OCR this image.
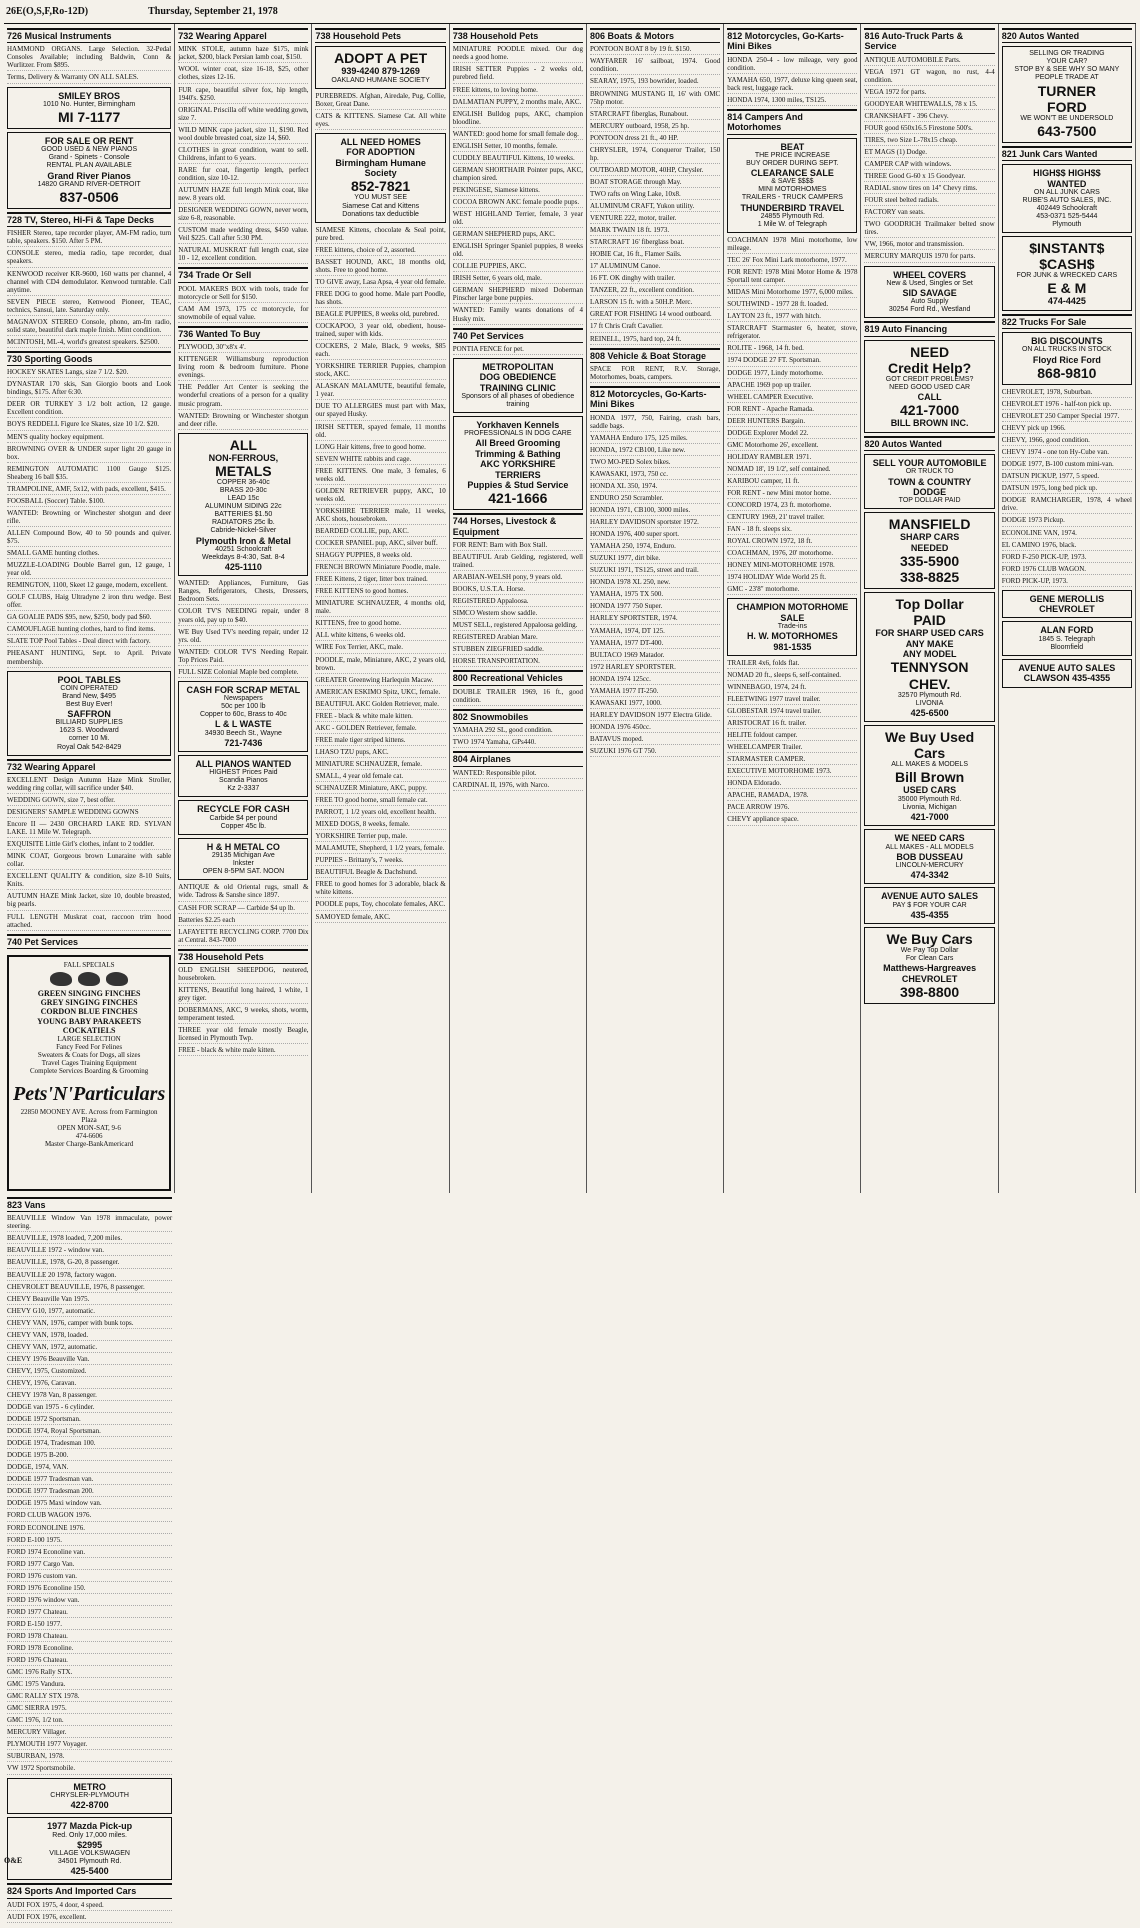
26E(O,S,F,Ro-12D)	Thursday, September 21, 1978
726 Musical Instruments

HAMMOND ORGANS. Large Selection. 32-Pedal Consoles Available; including Baldwin, Conn & Wurlitzer. From $895.

Terms, Delivery & Warranty ON ALL SALES.

SMILEY BROS
1010 No. Hunter, Birmingham
MI 7-1177
FOR SALE OR RENT
GOOD USED & NEW PIANOS
Grand - Spinets - Console
RENTAL PLAN AVAILABLE
Grand River Pianos
14820 GRAND RIVER-DETROIT
837-0506
728 TV, Stereo, Hi-Fi & Tape Decks

FISHER Stereo, tape recorder player, AM-FM radio, turn table, speakers. $150. After 5 PM.

CONSOLE stereo, media radio, tape recorder, dual speakers.

KENWOOD receiver KR-9600, 160 watts per channel, 4 channel with CD4 demodulator. Kenwood turntable. Call anytime.

SEVEN PIECE stereo, Kenwood Pioneer, TEAC, technics, Sansui, late. Saturday only.

MAGNAVOX STEREO Console, phono, am-fm radio, solid state, beautiful dark maple finish. Mint condition.

MCINTOSH, ML-4, world's greatest speakers. $2500.

730 Sporting Goods

HOCKEY SKATES Langs, size 7 1/2. $20.

DYNASTAR 170 skis, San Giorgio boots and Look bindings, $175. After 6:30.

DEER OR TURKEY 3 1/2 bolt action, 12 gauge. Excellent condition.

BOYS REDDELL Figure Ice Skates, size 10 1/2. $20.

MEN'S quality hockey equipment.

BROWNING OVER & UNDER super light 20 gauge in box.

REMINGTON AUTOMATIC 1100 Gauge $125. Sheaberg 16 ball $35.

TRAMPOLINE, AMF, 5x12, with pads, excellent, $415.

FOOSBALL (Soccer) Table. $100.

WANTED: Browning or Winchester shotgun and deer rifle.

ALLEN Compound Bow, 40 to 50 pounds and quiver. $75.

SMALL GAME hunting clothes.

MUZZLE-LOADING Double Barrel gun, 12 gauge, 1 year old.

REMINGTON, 1100, Skeet 12 gauge, modern, excellent.

GOLF CLUBS, Haig Ultradyne 2 iron thru wedge. Best offer.

GA GOALIE PADS $95, new, $250, body pad $60.

CAMOUFLAGE hunting clothes, hard to find items.

SLATE TOP Pool Tables - Deal direct with factory.

PHEASANT HUNTING, Sept. to April. Private membership.

POOL TABLES
COIN OPERATED
Brand New, $495
Best Buy Ever!
SAFFRON
BILLIARD SUPPLIES
1623 S. Woodward
corner 10 Mi.
Royal Oak 542-8429
732 Wearing Apparel

EXCELLENT Design Autumn Haze Mink Stroller, wedding ring collar, will sacrifice under $40.

WEDDING GOWN, size 7, best offer.

DESIGNERS' SAMPLE WEDDING GOWNS

Encore II — 2430 ORCHARD LAKE RD. SYLVAN LAKE. 11 Mile W. Telegraph.

EXQUISITE Little Girl's clothes, infant to 2 toddler.

MINK COAT, Gorgeous brown Lunaraine with sable collar.

EXCELLENT QUALITY & condition, size 8-10 Suits, Knits.

AUTUMN HAZE Mink Jacket, size 10, double breasted, big pearls.

FULL LENGTH Muskrat coat, raccoon trim hood attached.

740 Pet Services
FALL SPECIALS
GREEN SINGING FINCHES
GREY SINGING FINCHES
CORDON BLUE FINCHES
YOUNG BABY PARAKEETS
COCKATIELS
LARGE SELECTION
Fancy Feed For Felines
Sweaters & Coats for Dogs, all sizes
Travel Cages Training Equipment
Complete Services Boarding & Grooming
Pets'N'Particulars
22850 MOONEY AVE. Across from Farmington Plaza
OPEN MON-SAT, 9-6
474-6606
Master Charge-BankAmericard
732 Wearing Apparel

MINK STOLE, autumn haze $175, mink jacket, $200, black Persian lamb coat, $150.

WOOL winter coat, size 16-18, $25, other clothes, sizes 12-16.

FUR cape, beautiful silver fox, hip length, 1940's. $250.

ORIGINAL Priscilla off white wedding gown, size 7.

WILD MINK cape jacket, size 11, $190. Red wool double breasted coat, size 14, $60.

CLOTHES in great condition, want to sell. Childrens, infant to 6 years.

RARE fur coat, fingertip length, perfect condition, size 10-12.

AUTUMN HAZE full length Mink coat, like new. 8 years old.

DESIGNER WEDDING GOWN, never worn, size 6-8, reasonable.

CUSTOM made wedding dress, $450 value. Veil $225. Call after 5:30 PM.

NATURAL MUSKRAT full length coat, size 10 - 12, excellent condition.

734 Trade Or Sell

POOL MAKERS BOX with tools, trade for motorcycle or Sell for $150.

CAM AM 1973, 175 cc motorcycle, for snowmobile of equal value.

736 Wanted To Buy

PLYWOOD, 30"x8'x 4'.

KITTENGER Williamsburg reproduction living room & bedroom furniture. Phone evenings.

THE Peddler Art Center is seeking the wonderful creations of a person for a quality music program.

WANTED: Browning or Winchester shotgun and deer rifle.

ALL
NON-FERROUS,
METALS
COPPER 36-40c
BRASS 20-30c
LEAD 15c
ALUMINUM SIDING 22c
BATTERIES $1.50
RADIATORS 25c lb.
Cabride-Nickel-Silver
Plymouth Iron & Metal
40251 Schoolcraft
Weekdays 8-4:30, Sat. 8-4
425-1110

WANTED: Appliances, Furniture, Gas Ranges, Refrigerators, Chests, Dressers, Bedroom Sets.

COLOR TV'S NEEDING repair, under 8 years old, pay up to $40.

WE Buy Used TV's needing repair, under 12 yrs. old.

WANTED: COLOR TV'S Needing Repair. Top Prices Paid.

FULL SIZE Colonial Maple bed complete.

CASH FOR SCRAP METAL
Newspapers
50c per 100 lb
Copper to 60c, Brass to 40c
L & L WASTE
34930 Beech St., Wayne
721-7436
ALL PIANOS WANTED
HIGHEST Prices Paid
Scandia Pianos
Kz 2-3337
RECYCLE FOR CASH
Carbide $4 per pound
Copper 45c lb.
H & H METAL CO
29135 Michigan Ave
Inkster
OPEN 8-5PM SAT. NOON

ANTIQUE & old Oriental rugs, small & wide. Tadross & Sanshe since 1897.

CASH FOR SCRAP — Carbide $4 up lb.

Batteries $2.25 each

LAFAYETTE RECYCLING CORP. 7700 Dix at Central. 843-7000

738 Household Pets

OLD ENGLISH SHEEPDOG, neutered, housebroken.

KITTENS, Beautiful long haired, 1 white, 1 grey tiger.

DOBERMANS, AKC, 9 weeks, shots, worm, temperament tested.

THREE year old female mostly Beagle, licensed in Plymouth Twp.

FREE - black & white male kitten.

738 Household Pets
ADOPT A PET
939-4240 879-1269
OAKLAND HUMANE SOCIETY

PUREBREDS. Afghan, Airedale, Pug, Collie, Boxer, Great Dane.

CATS & KITTENS. Siamese Cat. All white eyes.

ALL NEED HOMES
FOR ADOPTION
Birmingham Humane Society
852-7821
YOU MUST SEE
Siamese Cat and Kittens
Donations tax deductible

SIAMESE Kittens, chocolate & Seal point, pure bred.

FREE kittens, choice of 2, assorted.

BASSET HOUND, AKC, 18 months old, shots. Free to good home.

TO GIVE away, Lasa Apsa, 4 year old female.

FREE DOG to good home. Male part Poodle, has shots.

BEAGLE PUPPIES, 8 weeks old, purebred.

COCKAPOO, 3 year old, obedient, house-trained, super with kids.

COCKERS, 2 Male, Black, 9 weeks, $85 each.

YORKSHIRE TERRIER Puppies, champion stock, AKC.

ALASKAN MALAMUTE, beautiful female, 1 year.

DUE TO ALLERGIES must part with Max, our spayed Husky.

IRISH SETTER, spayed female, 11 months old.

LONG Hair kittens, free to good home.

SEVEN WHITE rabbits and cage.

FREE KITTENS. One male, 3 females, 6 weeks old.

GOLDEN RETRIEVER puppy, AKC, 10 weeks old.

YORKSHIRE TERRIER male, 11 weeks, AKC shots, housebroken.

BEARDED COLLIE, pup, AKC.

COCKER SPANIEL pup, AKC, silver buff.

SHAGGY PUPPIES, 8 weeks old.

FRENCH BROWN Miniature Poodle, male.

FREE Kittens, 2 tiger, litter box trained.

FREE KITTENS to good homes.

MINIATURE SCHNAUZER, 4 months old, male.

KITTENS, free to good home.

ALL white kittens, 6 weeks old.

WIRE Fox Terrier, AKC, male.

POODLE, male, Miniature, AKC, 2 years old, brown.

GREATER Greenwing Harlequin Macaw.

AMERICAN ESKIMO Spitz, UKC, female.

BEAUTIFUL AKC Golden Retriever, male.

FREE - black & white male kitten.

AKC - GOLDEN Retriever, female.

FREE male tiger striped kittens.

LHASO TZU pups, AKC.

MINIATURE SCHNAUZER, female.

SMALL, 4 year old female cat.

SCHNAUZER Miniature, AKC, puppy.

FREE TO good home, small female cat.

PARROT, 1 1/2 years old, excellent health.

MIXED DOGS, 8 weeks, female.

YORKSHIRE Terrier pup, male.

MALAMUTE, Shepherd, 1 1/2 years, female.

PUPPIES - Brittany's, 7 weeks.

BEAUTIFUL Beagle & Dachshund.

FREE to good homes for 3 adorable, black & white kittens.

POODLE pups, Toy, chocolate females, AKC.

SAMOYED female, AKC.

738 Household Pets

MINIATURE POODLE mixed. Our dog needs a good home.

IRISH SETTER Puppies - 2 weeks old, purebred field.

FREE kittens, to loving home.

DALMATIAN PUPPY, 2 months male, AKC.

ENGLISH Bulldog pups, AKC, champion bloodline.

WANTED: good home for small female dog.

ENGLISH Setter, 10 months, female.

CUDDLY BEAUTIFUL Kittens, 10 weeks.

GERMAN SHORTHAIR Pointer pups, AKC, champion sired.

PEKINGESE, Siamese kittens.

COCOA BROWN AKC female poodle pups.

WEST HIGHLAND Terrier, female, 3 year old.

GERMAN SHEPHERD pups, AKC.

ENGLISH Springer Spaniel puppies, 8 weeks old.

COLLIE PUPPIES, AKC.

IRISH Setter, 6 years old, male.

GERMAN SHEPHERD mixed Doberman Pinscher large bone puppies.

WANTED: Family wants donations of 4 Husky mix.

740 Pet Services

PONTIA FENCE for pet.

METROPOLITAN
DOG OBEDIENCE
TRAINING CLINIC
Sponsors of all phases of obedience training
Yorkhaven Kennels
PROFESSIONALS IN DOG CARE
All Breed Grooming
Trimming & Bathing
AKC YORKSHIRE TERRIERS
Puppies & Stud Service
421-1666
744 Horses, Livestock & Equipment

FOR RENT: Barn with Box Stall.

BEAUTIFUL Arab Gelding, registered, well trained.

ARABIAN-WELSH pony, 9 years old.

BOOKS, U.S.T.A. Horse.

REGISTERED Appaloosa.

SIMCO Western show saddle.

MUST SELL, registered Appaloosa gelding.

REGISTERED Arabian Mare.

STUBBEN ZIEGFRIED saddle.

HORSE TRANSPORTATION.

800 Recreational Vehicles

DOUBLE TRAILER 1969, 16 ft., good condition.

802 Snowmobiles

YAMAHA 292 SL, good condition.

TWO 1974 Yamaha, GPs440.

804 Airplanes

WANTED: Responsible pilot.

CARDINAL II, 1976, with Narco.

806 Boats & Motors

PONTOON BOAT 8 by 19 ft. $150.

WAYFARER 16' sailboat, 1974. Good condition.

SEARAY, 1975, 193 bowrider, loaded.

BROWNING MUSTANG II, 16' with OMC 75hp motor.

STARCRAFT fiberglas, Runabout.

MERCURY outboard, 1958, 25 hp.

PONTOON dress 21 ft., 40 HP.

CHRYSLER, 1974, Conqueror Trailer, 150 hp.

OUTBOARD MOTOR, 40HP, Chrysler.

BOAT STORAGE through May.

TWO rafts on Wing Lake, 10x8.

ALUMINUM CRAFT, Yukon utility.

VENTURE 222, motor, trailer.

MARK TWAIN 18 ft. 1973.

STARCRAFT 16' fiberglass boat.

HOBIE Cat, 16 ft., Flamer Sails.

17' ALUMINUM Canoe.

16 FT. OK dinghy with trailer.

TANZER, 22 ft., excellent condition.

LARSON 15 ft. with a 50H.P. Merc.

GREAT FOR FISHING 14 wood outboard.

17 ft Chris Craft Cavalier.

REINELL, 1975, hard top, 24 ft.

808 Vehicle & Boat Storage

SPACE FOR RENT, R.V. Storage, Motorhomes, boats, campers.

812 Motorcycles, Go-Karts-Mini Bikes

HONDA 1977, 750, Fairing, crash bars, saddle bags.

YAMAHA Enduro 175, 125 miles.

HONDA, 1972 CB100, Like new.

TWO MO-PED Solex bikes.

KAWASAKI, 1973, 750 cc.

HONDA XL 350, 1974.

ENDURO 250 Scrambler.

HONDA 1971, CB100, 3000 miles.

HARLEY DAVIDSON sportster 1972.

HONDA 1976, 400 super sport.

YAMAHA 250, 1974, Enduro.

SUZUKI 1977, dirt bike.

SUZUKI 1971, TS125, street and trail.

HONDA 1978 XL 250, new.

YAMAHA, 1975 TX 500.

HONDA 1977 750 Super.

HARLEY SPORTSTER, 1974.

YAMAHA, 1974, DT 125.

YAMAHA, 1977 DT-400.

BULTACO 1969 Matador.

1972 HARLEY SPORTSTER.

HONDA 1974 125cc.

YAMAHA 1977 IT-250.

KAWASAKI 1977, 1000.

HARLEY DAVIDSON 1977 Electra Glide.

HONDA 1976 450cc.

BATAVUS moped.

SUZUKI 1976 GT 750.

812 Motorcycles, Go-Karts-Mini Bikes

HONDA 250-4 - low mileage, very good condition.

YAMAHA 650, 1977, deluxe king queen seat, back rest, luggage rack.

HONDA 1974, 1300 miles, TS125.

814 Campers And Motorhomes
BEAT
THE PRICE INCREASE
BUY ORDER DURING SEPT.
CLEARANCE SALE
& SAVE $$$$
MINI MOTORHOMES
TRAILERS - TRUCK CAMPERS
THUNDERBIRD TRAVEL
24855 Plymouth Rd.
1 Mile W. of Telegraph

COACHMAN 1978 Mini motorhome, low mileage.

TEC 26' Fox Mini Lark motorhome, 1977.

FOR RENT: 1978 Mini Motor Home & 1978 Sportall tent camper.

MIDAS Mini Motorhome 1977, 6,000 miles.

SOUTHWIND - 1977 28 ft. loaded.

LAYTON 23 ft., 1977 with hitch.

STARCRAFT Starmaster 6, heater, stove, refrigerator.

ROLITE - 1968, 14 ft. bed.

1974 DODGE 27 FT. Sportsman.

DODGE 1977, Lindy motorhome.

APACHE 1969 pop up trailer.

WHEEL CAMPER Executive.

FOR RENT - Apache Ramada.

DEER HUNTERS Bargain.

DODGE Explorer Model 22.

GMC Motorhome 26', excellent.

HOLIDAY RAMBLER 1971.

NOMAD 18', 19 1/2', self contained.

KARIBOU camper, 11 ft.

FOR RENT - new Mini motor home.

CONCORD 1974, 23 ft. motorhome.

CENTURY 1969, 21' travel trailer.

FAN - 18 ft. sleeps six.

ROYAL CROWN 1972, 18 ft.

COACHMAN, 1976, 20' motorhome.

HONEY MINI-MOTORHOME 1978.

1974 HOLIDAY Wide World 25 ft.

GMC - 23'8" motorhome.

CHAMPION MOTORHOME SALE
Trade-ins
H. W. MOTORHOMES
981-1535

TRAILER 4x6, folds flat.

NOMAD 20 ft., sleeps 6, self-contained.

WINNEBAGO, 1974, 24 ft.

FLEETWING 1977 travel trailer.

GLOBESTAR 1974 travel trailer.

ARISTOCRAT 16 ft. trailer.

HELITE foldout camper.

WHEELCAMPER Trailer.

STARMASTER CAMPER.

EXECUTIVE MOTORHOME 1973.

HONDA Eldorado.

APACHE, RAMADA, 1978.

PACE ARROW 1976.

CHEVY appliance space.

816 Auto-Truck Parts & Service

ANTIQUE AUTOMOBILE Parts.

VEGA 1971 GT wagon, no rust, 4-4 condition.

VEGA 1972 for parts.

GOODYEAR WHITEWALLS, 78 x 15.

CRANKSHAFT - 396 Chevy.

FOUR good 650x16.5 Firestone 500's.

TIRES, two Size L-78x15 cheap.

ET MAGS (1) Dodge.

CAMPER CAP with windows.

THREE Good G-60 x 15 Goodyear.

RADIAL snow tires on 14" Chevy rims.

FOUR steel belted radials.

FACTORY van seats.

TWO GOODRICH Trailmaker belted snow tires.

VW, 1966, motor and transmission.

MERCURY MARQUIS 1970 for parts.

WHEEL COVERS
New & Used, Singles or Set
SID SAVAGE
Auto Supply
30254 Ford Rd., Westland
819 Auto Financing
NEED
Credit Help?
GOT CREDIT PROBLEMS?
NEED GOOD USED CAR
CALL
421-7000
BILL BROWN INC.
820 Autos Wanted
SELL YOUR AUTOMOBILE
OR TRUCK TO
TOWN & COUNTRY
DODGE
TOP DOLLAR PAID
MANSFIELD
SHARP CARS
NEEDED
335-5900
338-8825
Top Dollar
PAID
FOR SHARP USED CARS
ANY MAKE
ANY MODEL
TENNYSON
CHEV.
32570 Plymouth Rd.
LIVONIA
425-6500
We Buy Used
Cars
ALL MAKES & MODELS
Bill Brown
USED CARS
35000 Plymouth Rd.
Livonia, Michigan
421-7000
WE NEED CARS
ALL MAKES - ALL MODELS
BOB DUSSEAU
LINCOLN-MERCURY
474-3342
AVENUE AUTO SALES
PAY $ FOR YOUR CAR
435-4355
We Buy Cars
We Pay Top Dollar
For Clean Cars
Matthews-Hargreaves
CHEVROLET
398-8800
820 Autos Wanted
SELLING OR TRADING
YOUR CAR?
STOP BY & SEE WHY SO MANY PEOPLE TRADE AT
TURNER
FORD
WE WON'T BE UNDERSOLD
643-7500
821 Junk Cars Wanted
HIGH$$ HIGH$$
WANTED
ON ALL JUNK CARS
RUBE'S AUTO SALES, INC.
402449 Schoolcraft
453-0371 525-5444
Plymouth
$INSTANT$
$CASH$
FOR JUNK & WRECKED CARS
E & M
474-4425
822 Trucks For Sale
BIG DISCOUNTS
ON ALL TRUCKS IN STOCK
Floyd Rice Ford
868-9810

CHEVROLET, 1978, Suburban.

CHEVROLET 1976 - half-ton pick up.

CHEVROLET 250 Camper Special 1977.

CHEVY pick up 1966.

CHEVY, 1966, good condition.

CHEVY 1974 - one ton Hy-Cube van.

DODGE 1977, B-100 custom mini-van.

DATSUN PICKUP, 1977, 5 speed.

DATSUN 1975, long bed pick up.

DODGE RAMCHARGER, 1978, 4 wheel drive.

DODGE 1973 Pickup.

ECONOLINE VAN, 1974.

EL CAMINO 1976, black.

FORD F-250 PICK-UP, 1973.

FORD 1976 CLUB WAGON.

FORD PICK-UP, 1973.

GENE MEROLLIS
CHEVROLET
ALAN FORD
1845 S. Telegraph
Bloomfield
AVENUE AUTO SALES
CLAWSON 435-4355
823 Vans

BEAUVILLE Window Van 1978 immaculate, power steering.

BEAUVILLE, 1978 loaded, 7,200 miles.

BEAUVILLE 1972 - window van.

BEAUVILLE, 1978, G-20, 8 passenger.

BEAUVILLE 20 1978, factory wagon.

CHEVROLET BEAUVILLE, 1976, 8 passenger.

CHEVY Beauville Van 1975.

CHEVY G10, 1977, automatic.

CHEVY VAN, 1976, camper with bunk tops.

CHEVY VAN, 1978, loaded.

CHEVY VAN, 1972, automatic.

CHEVY 1976 Beauville Van.

CHEVY, 1975, Customized.

CHEVY, 1976, Caravan.

CHEVY 1978 Van, 8 passenger.

DODGE van 1975 - 6 cylinder.

DODGE 1972 Sportsman.

DODGE 1974, Royal Sportsman.

DODGE 1974, Tradesman 100.

DODGE 1975 B-200.

DODGE, 1974, VAN.

DODGE 1977 Tradesman van.

DODGE 1977 Tradesman 200.

DODGE 1975 Maxi window van.

FORD CLUB WAGON 1976.

FORD ECONOLINE 1976.

FORD E-100 1975.

FORD 1974 Econoline van.

FORD 1977 Cargo Van.

FORD 1976 custom van.

FORD 1976 Econoline 150.

FORD 1976 window van.

FORD 1977 Chateau.

FORD E-150 1977.

FORD 1978 Chateau.

FORD 1978 Econoline.

FORD 1976 Chateau.

GMC 1976 Rally STX.

GMC 1975 Vandura.

GMC RALLY STX 1978.

GMC SIERRA 1975.

GMC 1976, 1/2 ton.

MERCURY Villager.

PLYMOUTH 1977 Voyager.

SUBURBAN, 1978.

VW 1972 Sportsmobile.

METRO
CHRYSLER-PLYMOUTH
422-8700
1977 Mazda Pick-up
Red. Only 17,000 miles.
$2995
VILLAGE VOLKSWAGEN
34501 Plymouth Rd.
425-5400
824 Sports And Imported Cars

AUDI FOX 1975, 4 door, 4 speed.

AUDI FOX 1976, excellent.

O&E
